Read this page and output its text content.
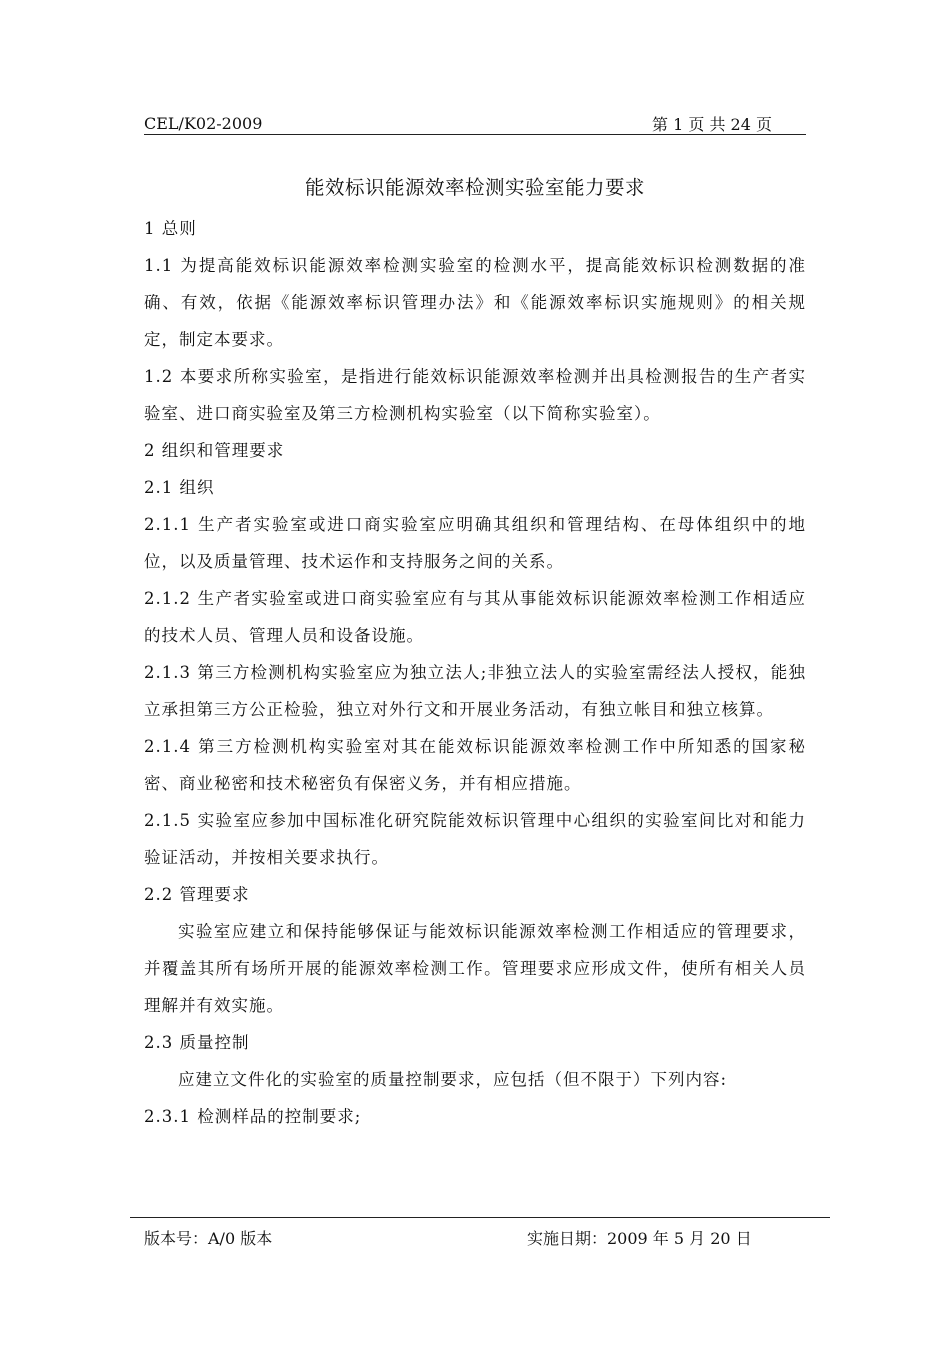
CEL/K02-2009	第 1 页 共 24 页
能效标识能源效率检测实验室能力要求

1 总则

1.1 为提高能效标识能源效率检测实验室的检测水平，提高能效标识检测数据的准确、有效，依据《能源效率标识管理办法》和《能源效率标识实施规则》的相关规定，制定本要求。

1.2 本要求所称实验室，是指进行能效标识能源效率检测并出具检测报告的生产者实验室、进口商实验室及第三方检测机构实验室（以下简称实验室）。

2 组织和管理要求

2.1 组织

2.1.1 生产者实验室或进口商实验室应明确其组织和管理结构、在母体组织中的地位，以及质量管理、技术运作和支持服务之间的关系。

2.1.2 生产者实验室或进口商实验室应有与其从事能效标识能源效率检测工作相适应的技术人员、管理人员和设备设施。

2.1.3 第三方检测机构实验室应为独立法人;非独立法人的实验室需经法人授权，能独立承担第三方公正检验，独立对外行文和开展业务活动，有独立帐目和独立核算。

2.1.4 第三方检测机构实验室对其在能效标识能源效率检测工作中所知悉的国家秘密、商业秘密和技术秘密负有保密义务，并有相应措施。

2.1.5 实验室应参加中国标准化研究院能效标识管理中心组织的实验室间比对和能力验证活动，并按相关要求执行。

2.2 管理要求

实验室应建立和保持能够保证与能效标识能源效率检测工作相适应的管理要求，并覆盖其所有场所开展的能源效率检测工作。管理要求应形成文件，使所有相关人员理解并有效实施。

2.3 质量控制

应建立文件化的实验室的质量控制要求，应包括（但不限于）下列内容:

2.3.1 检测样品的控制要求;

版本号：A/0 版本	实施日期：2009 年 5 月 20 日
